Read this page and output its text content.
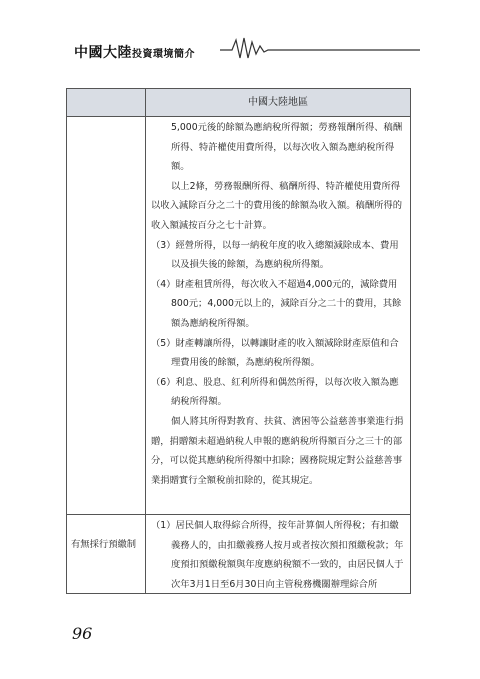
中國大陸投資環境簡介
中國大陸地區

5,000元後的餘額為應納稅所得額；勞務報酬所得、稿酬所得、特許權使用費所得，以每次收入額為應納稅所得額。

以上2條，勞務報酬所得、稿酬所得、特許權使用費所得以收入減除百分之二十的費用後的餘額為收入額。稿酬所得的收入額減按百分之七十計算。

（3）經營所得，以每一納稅年度的收入總額減除成本、費用以及損失後的餘額，為應納稅所得額。

（4）財產租賃所得，每次收入不超過4,000元的，減除費用800元；4,000元以上的，減除百分之二十的費用，其餘額為應納稅所得額。

（5）財產轉讓所得，以轉讓財產的收入額減除財產原值和合理費用後的餘額，為應納稅所得額。

（6）利息、股息、紅利所得和偶然所得，以每次收入額為應納稅所得額。

個人將其所得對教育、扶貧、濟困等公益慈善事業進行捐贈，捐贈額未超過納稅人申報的應納稅所得額百分之三十的部分，可以從其應納稅所得額中扣除；國務院規定對公益慈善事業捐贈實行全額稅前扣除的，從其規定。

有無採行預繳制

（1）居民個人取得綜合所得，按年計算個人所得稅；有扣繳義務人的，由扣繳義務人按月或者按次預扣預繳稅款；年度預扣預繳稅額與年度應納稅額不一致的，由居民個人于次年3月1日至6月30日向主管稅務機關辦理綜合所

96
